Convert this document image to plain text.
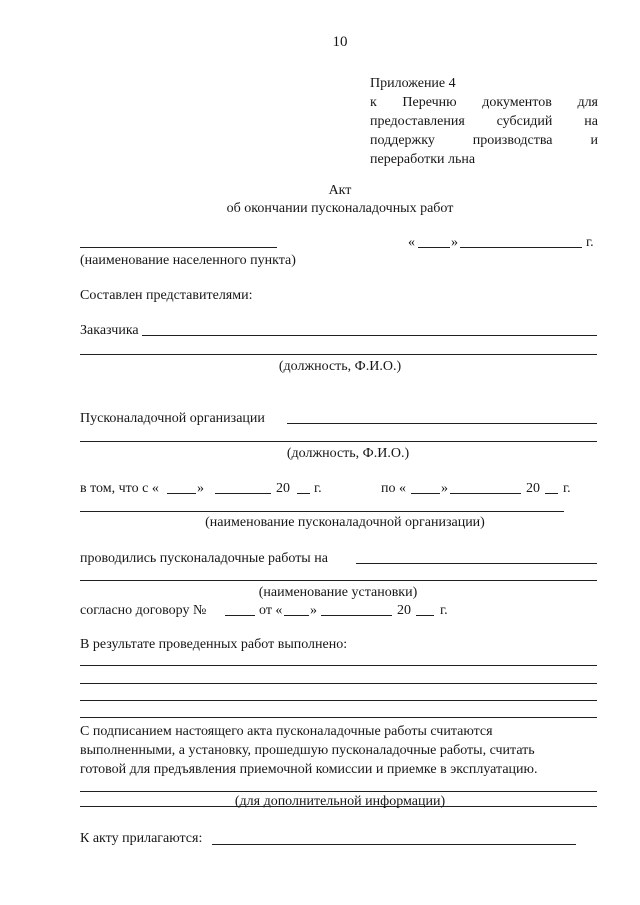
10
Приложение 4
к Перечню документов для предоставления субсидий на поддержку производства и переработки льна
Акт
об окончании пусконаладочных работ
«	»	г.
(наименование населенного пункта)
Составлен представителями:
Заказчика
(должность, Ф.И.О.)
Пусконаладочной организации
(должность, Ф.И.О.)
в том, что с «	»	20 г.	по «	»	20 г.
(наименование пусконаладочной организации)
проводились пусконаладочные работы на
(наименование установки)
согласно договору №	от « »	20 г.
В результате проведенных работ выполнено:
С подписанием настоящего акта пусконаладочные работы считаются
выполненными, а установку, прошедшую пусконаладочные работы, считать
готовой для предъявления приемочной комиссии и приемке в эксплуатацию.
(для дополнительной информации)
К акту прилагаются:
